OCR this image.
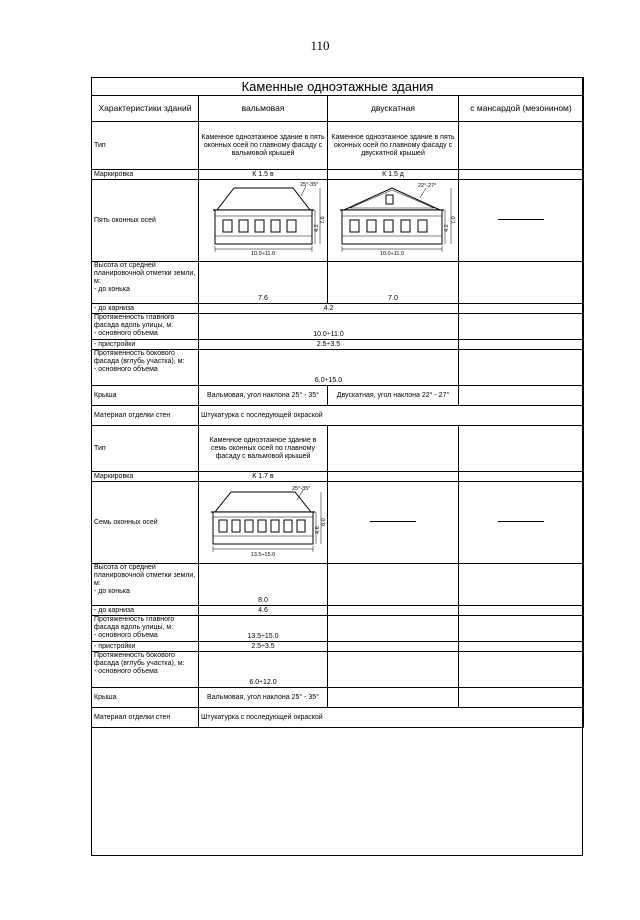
110
Каменные одноэтажные здания			
Характеристики зданий	вальмовая	двускатная	с мансардой (мезонином)
Тип	Каменное одноэтажное здание в пять оконных осей по главному фасаду с вальмовой крышей	Каменное одноэтажное здание в пять оконных осей по главному фасаду с двускатной крышей	
Маркировка	К 1.5 в	К 1.5 д	
Пять оконных осей	25°-35°
4.2
7.6
10.0÷11.0	22°-27°
4.2
7.0
10.0÷11.0	

Высота от средней планировочной отметки земли, м:
- до конька	7.6	7.0	
- до карниза	4.2		

Протяженность главного фасада вдоль улицы, м:
- основного объема	10.0÷11.0		
- пристройки	2.5÷3.5		

Протяженность бокового фасада (вглубь участка), м:
- основного объема	6.0÷15.0		
Крыша	Вальмовая, угол наклона 25° - 35°	Двускатная, угол наклона 22° - 27°	
Материал отделки стен	Штукатурка с последующей окраской		
Тип	Каменное одноэтажное здание в семь оконных осей по главному фасаду с вальмовой крышей		
Маркировка	К 1.7 в		
Семь оконных осей	25°-35°
4.6
8.0
13.5÷15.0		

Высота от средней планировочной отметки земли, м:
- до конька	8.0		
- до карниза	4.6		

Протяженность главного фасада вдоль улицы, м:
- основного объема	13.5÷15.0		
- пристройки	2.5÷3.5		

Протяженность бокового фасада (вглубь участка), м:
- основного объема	6.0÷12.0		
Крыша	Вальмовая, угол наклона 25° - 35°		
Материал отделки стен	Штукатурка с последующей окраской		
